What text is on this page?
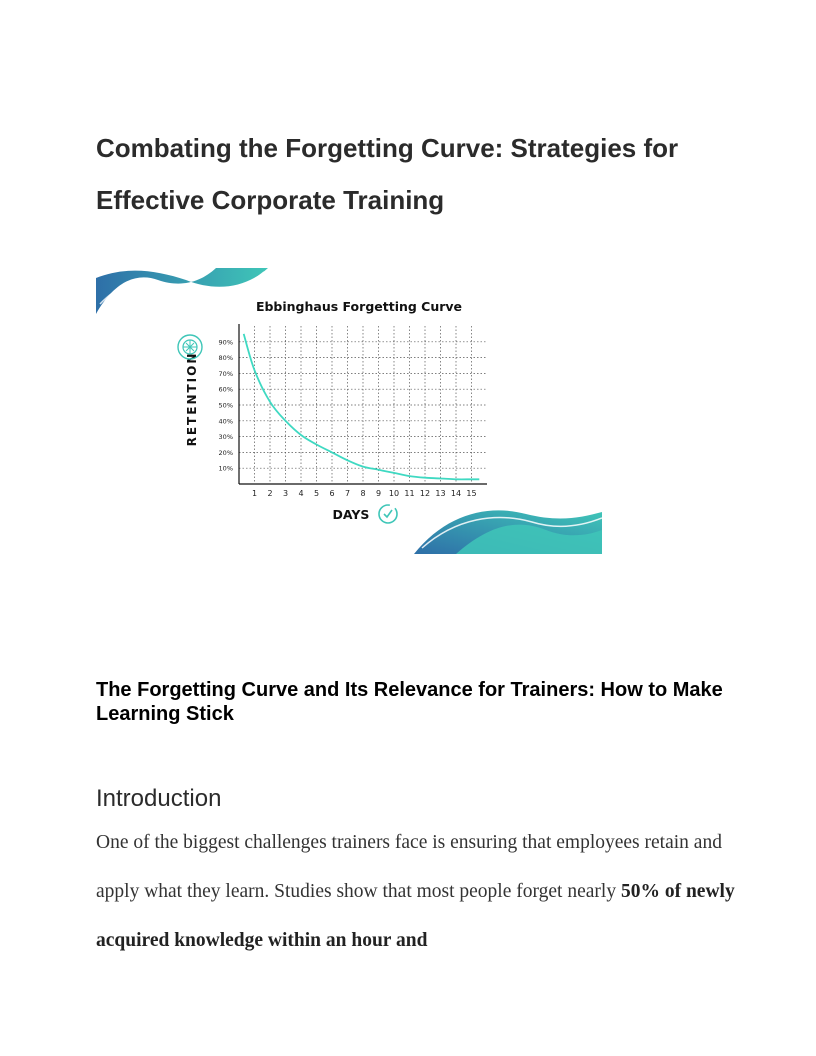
Combating the Forgetting Curve: Strategies for Effective Corporate Training
Ebbinghaus Forgetting Curve
RETENTION
DAYS
1 2 3 4 5 6 7 8 9 10 11 12 13 14 15
10%
20%
30%
40%
50%
60%
70%
80%
90%
The Forgetting Curve and Its Relevance for Trainers: How to Make Learning Stick
Introduction

One of the biggest challenges trainers face is ensuring that employees retain and apply what they learn. Studies show that most people forget nearly 50% of newly acquired knowledge within an hour and
